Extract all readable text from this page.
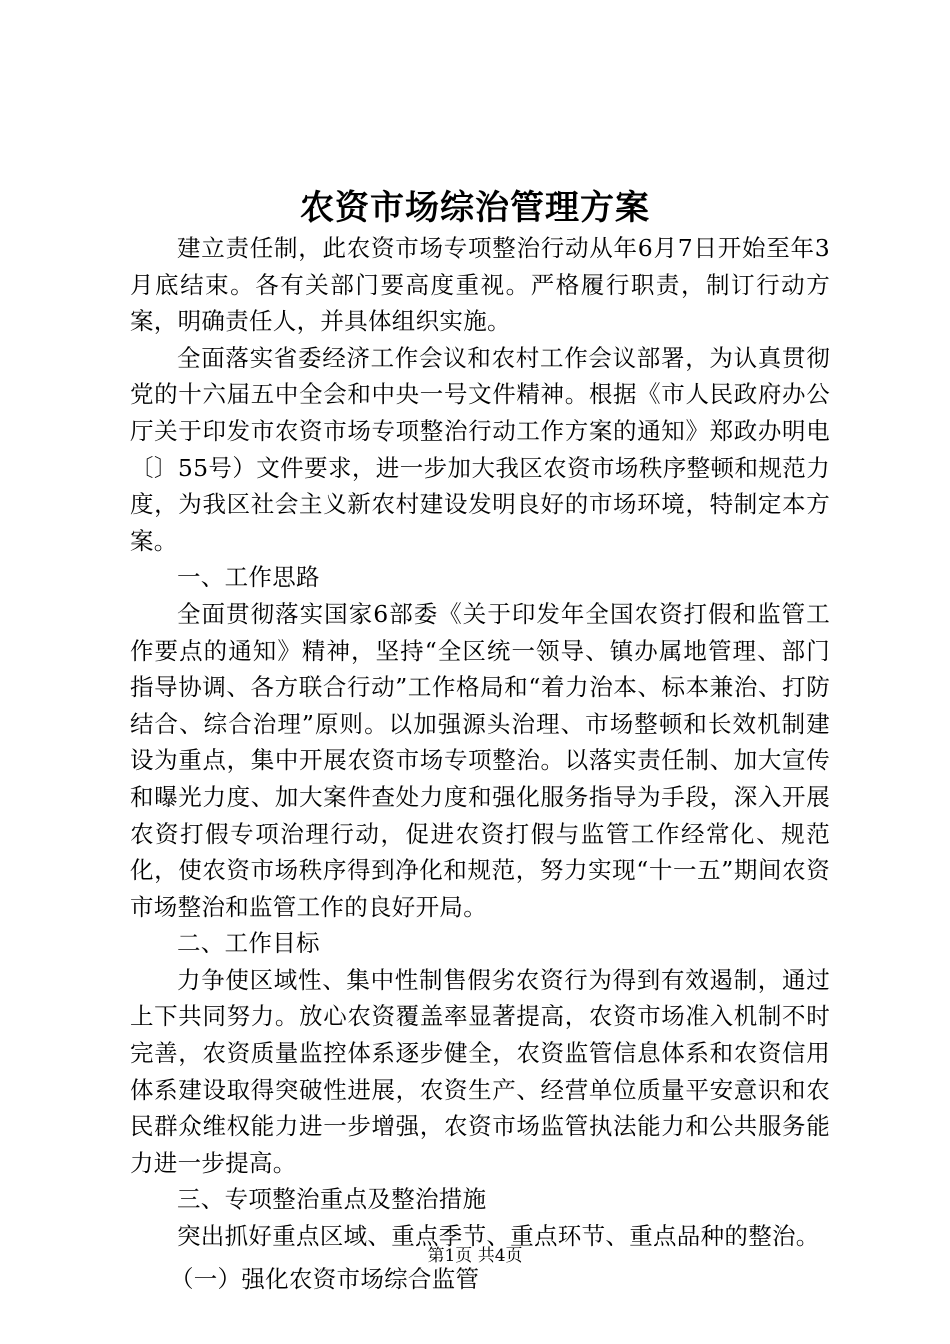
农资市场综治管理方案

建立责任制，此农资市场专项整治行动从年6月7日开始至年3月底结束。各有关部门要高度重视。严格履行职责，制订行动方案，明确责任人，并具体组织实施。

全面落实省委经济工作会议和农村工作会议部署，为认真贯彻党的十六届五中全会和中央一号文件精神。根据《市人民政府办公厅关于印发市农资市场专项整治行动工作方案的通知》郑政办明电〔〕55号）文件要求，进一步加大我区农资市场秩序整顿和规范力度，为我区社会主义新农村建设发明良好的市场环境，特制定本方案。

一、工作思路

全面贯彻落实国家6部委《关于印发年全国农资打假和监管工作要点的通知》精神，坚持“全区统一领导、镇办属地管理、部门指导协调、各方联合行动”工作格局和“着力治本、标本兼治、打防结合、综合治理”原则。以加强源头治理、市场整顿和长效机制建设为重点，集中开展农资市场专项整治。以落实责任制、加大宣传和曝光力度、加大案件查处力度和强化服务指导为手段，深入开展农资打假专项治理行动，促进农资打假与监管工作经常化、规范化，使农资市场秩序得到净化和规范，努力实现“十一五”期间农资市场整治和监管工作的良好开局。

二、工作目标

力争使区域性、集中性制售假劣农资行为得到有效遏制，通过上下共同努力。放心农资覆盖率显著提高，农资市场准入机制不时完善，农资质量监控体系逐步健全，农资监管信息体系和农资信用体系建设取得突破性进展，农资生产、经营单位质量平安意识和农民群众维权能力进一步增强，农资市场监管执法能力和公共服务能力进一步提高。

三、专项整治重点及整治措施

突出抓好重点区域、重点季节、重点环节、重点品种的整治。

（一）强化农资市场综合监管

第1页 共4页
